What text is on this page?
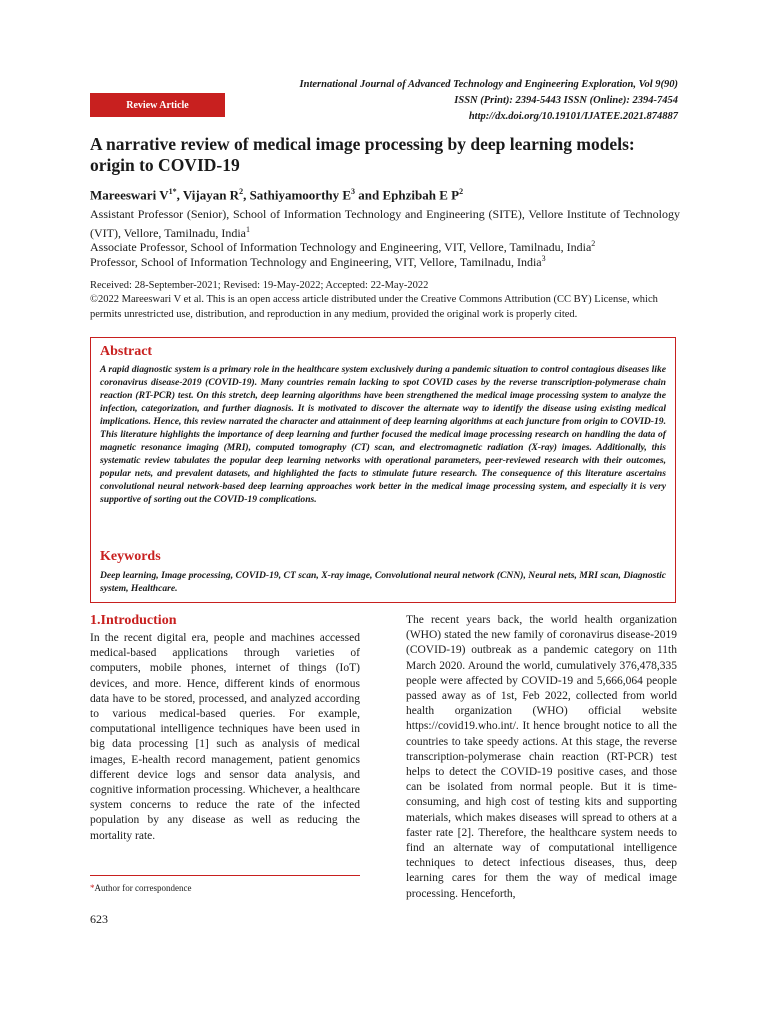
International Journal of Advanced Technology and Engineering Exploration, Vol 9(90)
ISSN (Print): 2394-5443 ISSN (Online): 2394-7454
http://dx.doi.org/10.19101/IJATEE.2021.874887
Review Article
A narrative review of medical image processing by deep learning models: origin to COVID-19
Mareeswari $V^{1*}$, Vijayan $R^2$, Sathiyamoorthy $E^3$ and Ephzibah E $P^2$
Assistant Professor (Senior), School of Information Technology and Engineering (SITE), Vellore Institute of Technology (VIT), Vellore, Tamilnadu, India$^1$
Associate Professor, School of Information Technology and Engineering, VIT, Vellore, Tamilnadu, India$^2$
Professor, School of Information Technology and Engineering, VIT, Vellore, Tamilnadu, India$^3$
Received: 28-September-2021; Revised: 19-May-2022; Accepted: 22-May-2022
©2022 Mareeswari V et al. This is an open access article distributed under the Creative Commons Attribution (CC BY) License, which permits unrestricted use, distribution, and reproduction in any medium, provided the original work is properly cited.
Abstract
A rapid diagnostic system is a primary role in the healthcare system exclusively during a pandemic situation to control contagious diseases like coronavirus disease-2019 (COVID-19). Many countries remain lacking to spot COVID cases by the reverse transcription-polymerase chain reaction (RT-PCR) test. On this stretch, deep learning algorithms have been strengthened the medical image processing system to analyze the infection, categorization, and further diagnosis. It is motivated to discover the alternate way to identify the disease using existing medical implications. Hence, this review narrated the character and attainment of deep learning algorithms at each juncture from origin to COVID-19. This literature highlights the importance of deep learning and further focused the medical image processing research on handling the data of magnetic resonance imaging (MRI), computed tomography (CT) scan, and electromagnetic radiation (X-ray) images. Additionally, this systematic review tabulates the popular deep learning networks with operational parameters, peer-reviewed research with their outcomes, popular nets, and prevalent datasets, and highlighted the facts to stimulate future research. The consequence of this literature ascertains convolutional neural network-based deep learning approaches work better in the medical image processing system, and especially it is very supportive of sorting out the COVID-19 complications.
Keywords
Deep learning, Image processing, COVID-19, CT scan, X-ray image, Convolutional neural network (CNN), Neural nets, MRI scan, Diagnostic system, Healthcare.
1.Introduction
In the recent digital era, people and machines accessed medical-based applications through varieties of computers, mobile phones, internet of things (IoT) devices, and more. Hence, different kinds of enormous data have to be stored, processed, and analyzed according to various medical-based queries. For example, computational intelligence techniques have been used in big data processing [1] such as analysis of medical images, E-health record management, patient genomics different device logs and sensor data analysis, and cognitive information processing. Whichever, a healthcare system concerns to reduce the rate of the infected population by any disease as well as reducing the mortality rate.
The recent years back, the world health organization (WHO) stated the new family of coronavirus disease-2019 (COVID-19) outbreak as a pandemic category on 11th March 2020. Around the world, cumulatively 376,478,335 people were affected by COVID-19 and 5,666,064 people passed away as of 1st, Feb 2022, collected from world health organization (WHO) official website https://covid19.who.int/. It hence brought notice to all the countries to take speedy actions. At this stage, the reverse transcription-polymerase chain reaction (RT-PCR) test helps to detect the COVID-19 positive cases, and those can be isolated from normal people. But it is time-consuming, and high cost of testing kits and supporting materials, which makes diseases will spread to others at a faster rate [2]. Therefore, the healthcare system needs to find an alternate way of computational intelligence techniques to detect infectious diseases, thus, deep learning cares for them the way of medical image processing. Henceforth,
*Author for correspondence
623
